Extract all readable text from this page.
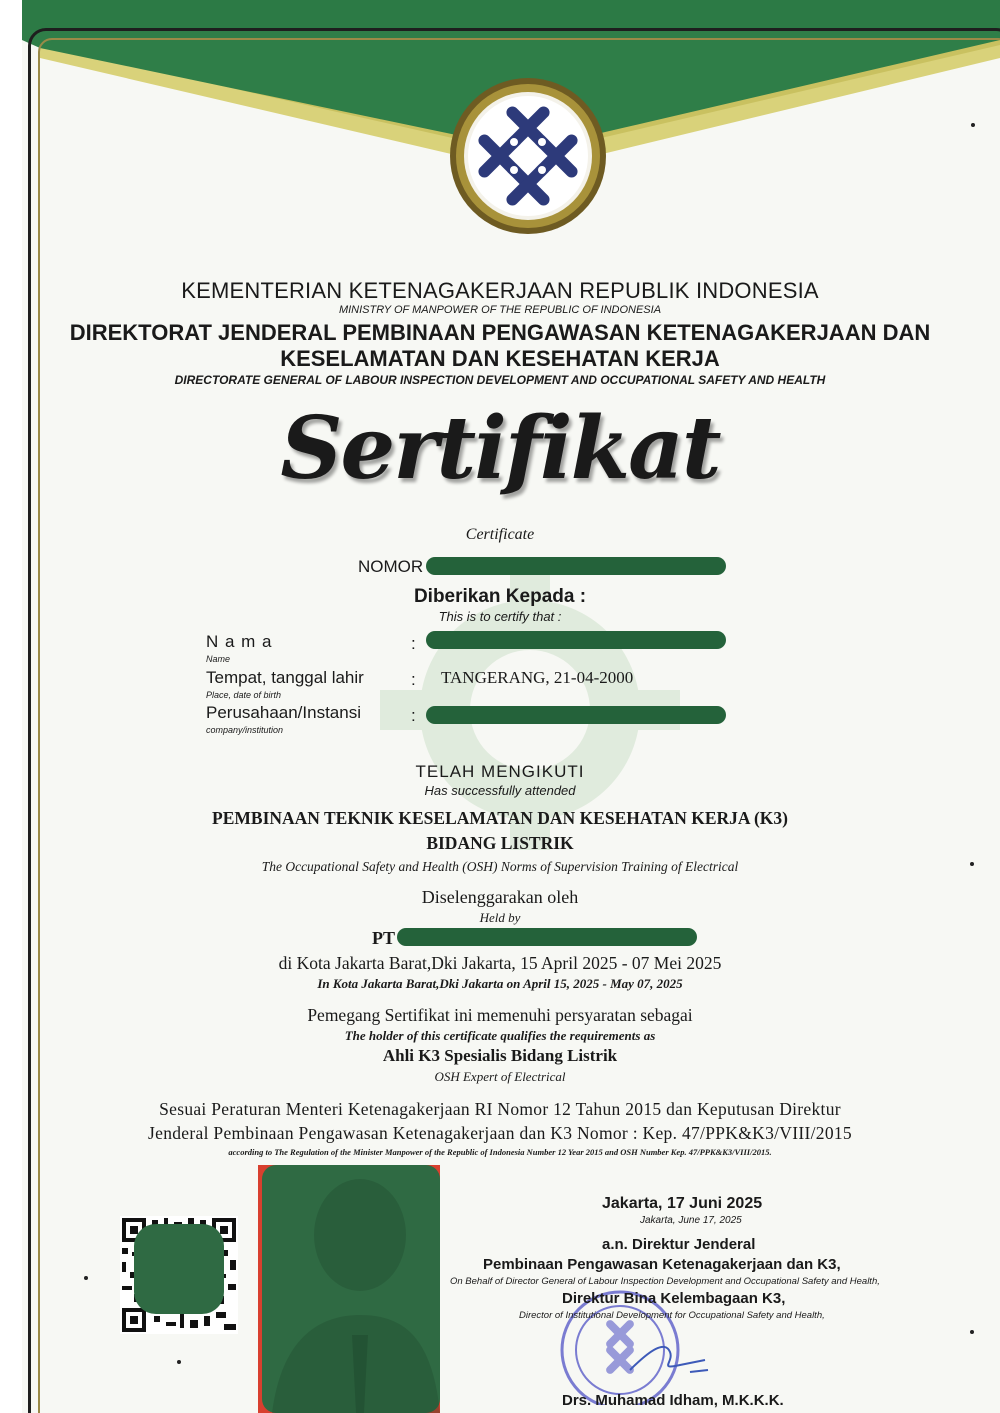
KEMENTERIAN KETENAGAKERJAAN REPUBLIK INDONESIA
MINISTRY OF MANPOWER OF THE REPUBLIC OF INDONESIA
DIREKTORAT JENDERAL PEMBINAAN PENGAWASAN KETENAGAKERJAAN DAN
KESELAMATAN DAN KESEHATAN KERJA
DIRECTORATE GENERAL OF LABOUR INSPECTION DEVELOPMENT AND OCCUPATIONAL SAFETY AND HEALTH
Sertifikat
Certificate
NOMOR
Diberikan Kepada :
This is to certify that :
N a m a
Name
:
Tempat, tanggal lahir
Place, date of birth
: TANGERANG, 21-04-2000
Perusahaan/Instansi
company/institution
:
TELAH MENGIKUTI
Has successfully attended
PEMBINAAN TEKNIK KESELAMATAN DAN KESEHATAN KERJA (K3)
BIDANG LISTRIK
The Occupational Safety and Health (OSH) Norms of Supervision Training of Electrical
Diselenggarakan oleh
Held by
PT
di Kota Jakarta Barat,Dki Jakarta, 15 April 2025 - 07 Mei 2025
In Kota Jakarta Barat,Dki Jakarta on April 15, 2025 - May 07, 2025
Pemegang Sertifikat ini memenuhi persyaratan sebagai
The holder of this certificate qualifies the requirements as
Ahli K3 Spesialis Bidang Listrik
OSH Expert of Electrical
Sesuai Peraturan Menteri Ketenagakerjaan RI Nomor 12 Tahun 2015 dan Keputusan Direktur
Jenderal Pembinaan Pengawasan Ketenagakerjaan dan K3 Nomor : Kep. 47/PPK&K3/VIII/2015
according to The Regulation of the Minister Manpower of the Republic of Indonesia Number 12 Year 2015 and OSH Number Kep. 47/PPK&K3/VIII/2015.
Jakarta, 17 Juni 2025
Jakarta, June 17, 2025
a.n. Direktur Jenderal
Pembinaan Pengawasan Ketenagakerjaan dan K3,
On Behalf of Director General of Labour Inspection Development and Occupational Safety and Health,
Direktur Bina Kelembagaan K3,
Director of Institutional Development for Occupational Safety and Health,
Drs. Muhamad Idham, M.K.K.K.
